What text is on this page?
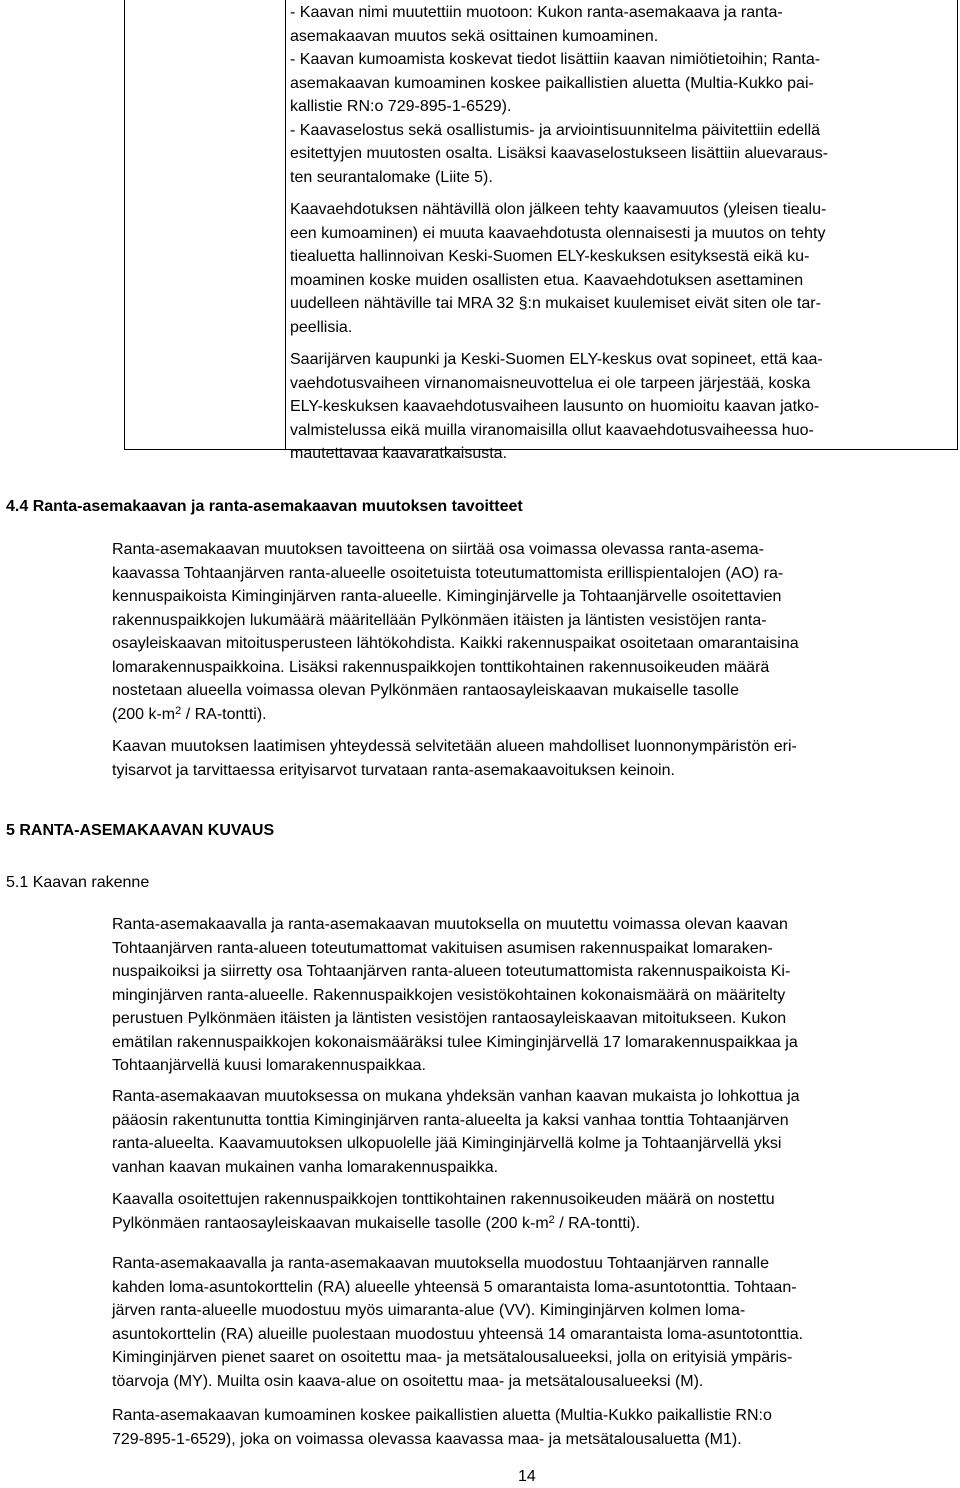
- Kaavan nimi muutettiin muotoon: Kukon ranta-asemakaava ja ranta-
asemakaavan muutos sekä osittainen kumoaminen.
- Kaavan kumoamista koskevat tiedot lisättiin kaavan nimiötietoihin; Ranta-
asemakaavan kumoaminen koskee paikallistien aluetta (Multia-Kukko pai-
kallistie RN:o 729-895-1-6529).
- Kaavaselostus sekä osallistumis- ja arviointisuunnitelma päivitettiin edellä
esitettyjen muutosten osalta. Lisäksi kaavaselostukseen lisättiin aluevaraus-
ten seurantalomake (Liite 5).

Kaavaehdotuksen nähtävillä olon jälkeen tehty kaavamuutos (yleisen tiealu-
een kumoaminen) ei muuta kaavaehdotusta olennaisesti ja muutos on tehty
tiealuetta hallinnoivan Keski-Suomen ELY-keskuksen esityksestä eikä ku-
moaminen koske muiden osallisten etua. Kaavaehdotuksen asettaminen
uudelleen nähtäville tai MRA 32 §:n mukaiset kuulemiset eivät siten ole tar-
peellisia.

Saarijärven kaupunki ja Keski-Suomen ELY-keskus ovat sopineet, että kaa-
vaehdotusvaiheen virnanomaisneuvottelua ei ole tarpeen järjestää, koska
ELY-keskuksen kaavaehdotusvaiheen lausunto on huomioitu kaavan jatko-
valmistelussa eikä muilla viranomaisilla ollut kaavaehdotusvaiheessa huo-
mautettavaa kaavaratkaisusta.

4.4 Ranta-asemakaavan ja ranta-asemakaavan muutoksen tavoitteet

Ranta-asemakaavan muutoksen tavoitteena on siirtää osa voimassa olevassa ranta-asema-
kaavassa Tohtaanjärven ranta-alueelle osoitetuista toteutumattomista erillispientalojen (AO) ra-
kennuspaikoista Kiminginjärven ranta-alueelle. Kiminginjärvelle ja Tohtaanjärvelle osoitettavien
rakennuspaikkojen lukumäärä määritellään Pylkönmäen itäisten ja läntisten vesistöjen ranta-
osayleiskaavan mitoitusperusteen lähtökohdista. Kaikki rakennuspaikat osoitetaan omarantaisina
lomarakennuspaikkoina. Lisäksi rakennuspaikkojen tonttikohtainen rakennusoikeuden määrä
nostetaan alueella voimassa olevan Pylkönmäen rantaosayleiskaavan mukaiselle tasolle
(200 $k-m^2$ / RA-tontti).

Kaavan muutoksen laatimisen yhteydessä selvitetään alueen mahdolliset luonnonympäristön eri-
tyisarvot ja tarvittaessa erityisarvot turvataan ranta-asemakaavoituksen keinoin.

5 RANTA-ASEMAKAAVAN KUVAUS
5.1 Kaavan rakenne

Ranta-asemakaavalla ja ranta-asemakaavan muutoksella on muutettu voimassa olevan kaavan
Tohtaanjärven ranta-alueen toteutumattomat vakituisen asumisen rakennuspaikat lomaraken-
nuspaikoiksi ja siirretty osa Tohtaanjärven ranta-alueen toteutumattomista rakennuspaikoista Ki-
minginjärven ranta-alueelle. Rakennuspaikkojen vesistökohtainen kokonaismäärä on määritelty
perustuen Pylkönmäen itäisten ja läntisten vesistöjen rantaosayleiskaavan mitoitukseen. Kukon
emätilan rakennuspaikkojen kokonaismääräksi tulee Kiminginjärvellä 17 lomarakennuspaikkaa ja
Tohtaanjärvellä kuusi lomarakennuspaikkaa.

Ranta-asemakaavan muutoksessa on mukana yhdeksän vanhan kaavan mukaista jo lohkottua ja
pääosin rakentunutta tonttia Kiminginjärven ranta-alueelta ja kaksi vanhaa tonttia Tohtaanjärven
ranta-alueelta. Kaavamuutoksen ulkopuolelle jää Kiminginjärvellä kolme ja Tohtaanjärvellä yksi
vanhan kaavan mukainen vanha lomarakennuspaikka.

Kaavalla osoitettujen rakennuspaikkojen tonttikohtainen rakennusoikeuden määrä on nostettu
Pylkönmäen rantaosayleiskaavan mukaiselle tasolle (200 $k-m^2$ / RA-tontti).

Ranta-asemakaavalla ja ranta-asemakaavan muutoksella muodostuu Tohtaanjärven rannalle
kahden loma-asuntokorttelin (RA) alueelle yhteensä 5 omarantaista loma-asuntotonttia. Tohtaan-
järven ranta-alueelle muodostuu myös uimaranta-alue (VV). Kiminginjärven kolmen loma-
asuntokorttelin (RA) alueille puolestaan muodostuu yhteensä 14 omarantaista loma-asuntotonttia.
Kiminginjärven pienet saaret on osoitettu maa- ja metsätalousalueeksi, jolla on erityisiä ympäris-
töarvoja (MY). Muilta osin kaava-alue on osoitettu maa- ja metsätalousalueeksi (M).

Ranta-asemakaavan kumoaminen koskee paikallistien aluetta (Multia-Kukko paikallistie RN:o
729-895-1-6529), joka on voimassa olevassa kaavassa maa- ja metsätalousaluetta (M1).

14
